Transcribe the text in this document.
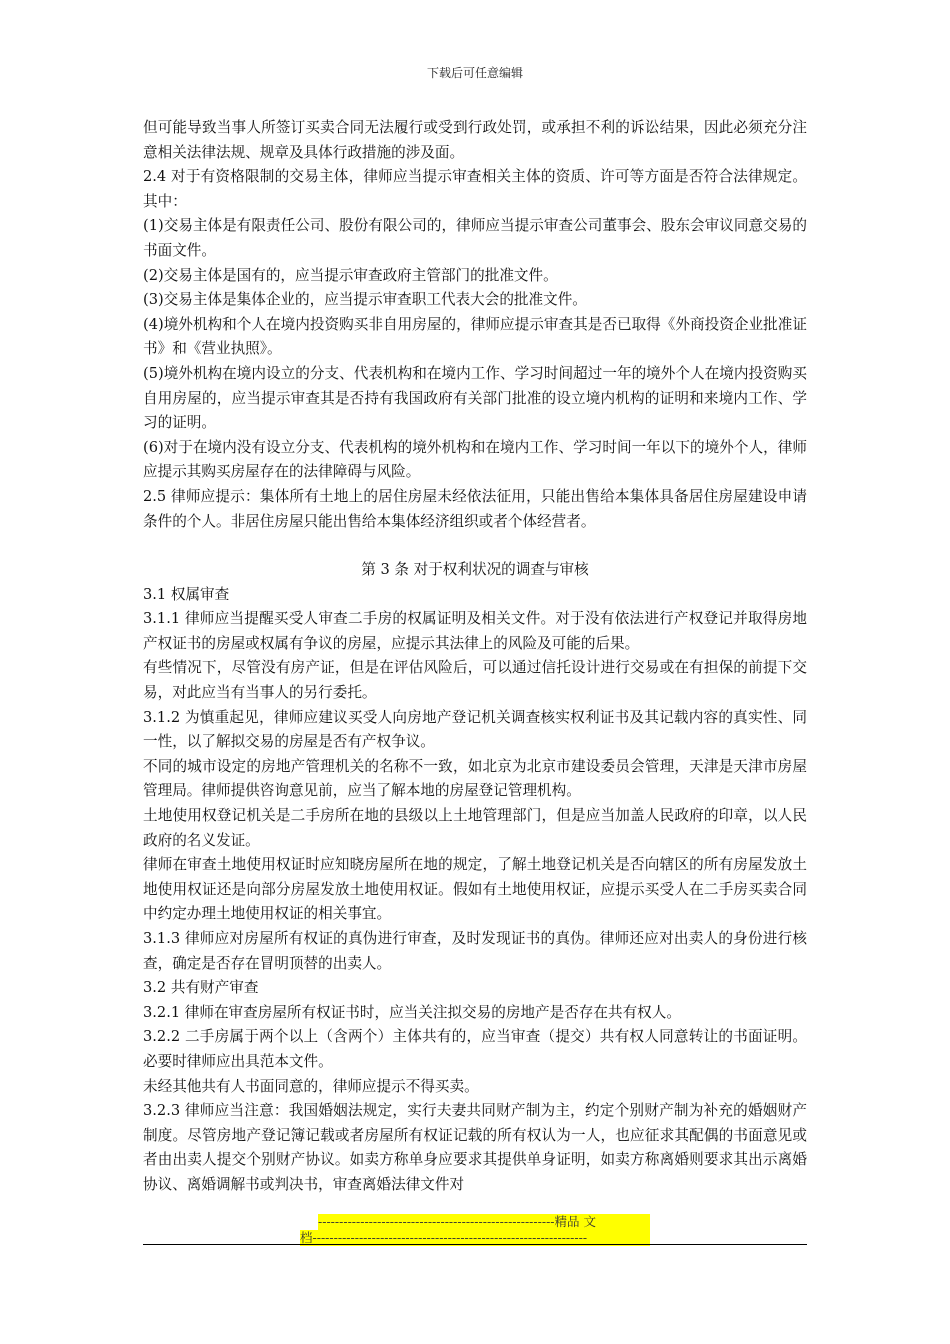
下载后可任意编辑

但可能导致当事人所签订买卖合同无法履行或受到行政处罚，或承担不利的诉讼结果，因此必须充分注意相关法律法规、规章及具体行政措施的涉及面。

2.4 对于有资格限制的交易主体，律师应当提示审查相关主体的资质、许可等方面是否符合法律规定。其中：

(1)交易主体是有限责任公司、股份有限公司的，律师应当提示审查公司董事会、股东会审议同意交易的书面文件。

(2)交易主体是国有的，应当提示审查政府主管部门的批准文件。

(3)交易主体是集体企业的，应当提示审查职工代表大会的批准文件。

(4)境外机构和个人在境内投资购买非自用房屋的，律师应提示审查其是否已取得《外商投资企业批准证书》和《营业执照》。

(5)境外机构在境内设立的分支、代表机构和在境内工作、学习时间超过一年的境外个人在境内投资购买自用房屋的，应当提示审查其是否持有我国政府有关部门批准的设立境内机构的证明和来境内工作、学习的证明。

(6)对于在境内没有设立分支、代表机构的境外机构和在境内工作、学习时间一年以下的境外个人，律师应提示其购买房屋存在的法律障碍与风险。

2.5 律师应提示：集体所有土地上的居住房屋未经依法征用，只能出售给本集体具备居住房屋建设申请条件的个人。非居住房屋只能出售给本集体经济组织或者个体经营者。

第 3 条 对于权利状况的调查与审核

3.1 权属审查

3.1.1 律师应当提醒买受人审查二手房的权属证明及相关文件。对于没有依法进行产权登记并取得房地产权证书的房屋或权属有争议的房屋，应提示其法律上的风险及可能的后果。

有些情况下，尽管没有房产证，但是在评估风险后，可以通过信托设计进行交易或在有担保的前提下交易，对此应当有当事人的另行委托。

3.1.2 为慎重起见，律师应建议买受人向房地产登记机关调查核实权利证书及其记载内容的真实性、同一性，以了解拟交易的房屋是否有产权争议。

不同的城市设定的房地产管理机关的名称不一致，如北京为北京市建设委员会管理，天津是天津市房屋管理局。律师提供咨询意见前，应当了解本地的房屋登记管理机构。

土地使用权登记机关是二手房所在地的县级以上土地管理部门，但是应当加盖人民政府的印章，以人民政府的名义发证。

律师在审查土地使用权证时应知晓房屋所在地的规定，了解土地登记机关是否向辖区的所有房屋发放土地使用权证还是向部分房屋发放土地使用权证。假如有土地使用权证，应提示买受人在二手房买卖合同中约定办理土地使用权证的相关事宜。

3.1.3 律师应对房屋所有权证的真伪进行审查，及时发现证书的真伪。律师还应对出卖人的身份进行核查，确定是否存在冒明顶替的出卖人。

3.2 共有财产审查

3.2.1 律师在审查房屋所有权证书时，应当关注拟交易的房地产是否存在共有权人。

3.2.2 二手房属于两个以上（含两个）主体共有的，应当审查（提交）共有权人同意转让的书面证明。必要时律师应出具范本文件。

未经其他共有人书面同意的，律师应提示不得买卖。

3.2.3 律师应当注意：我国婚姻法规定，实行夫妻共同财产制为主，约定个别财产制为补充的婚姻财产制度。尽管房地产登记簿记载或者房屋所有权证记载的所有权认为一人，也应征求其配偶的书面意见或者由出卖人提交个别财产协议。如卖方称单身应要求其提供单身证明，如卖方称离婚则要求其出示离婚协议、离婚调解书或判决书，审查离婚法律文件对

--------------------------------------------------------精品 文
档-----------------------------------------------------------------
